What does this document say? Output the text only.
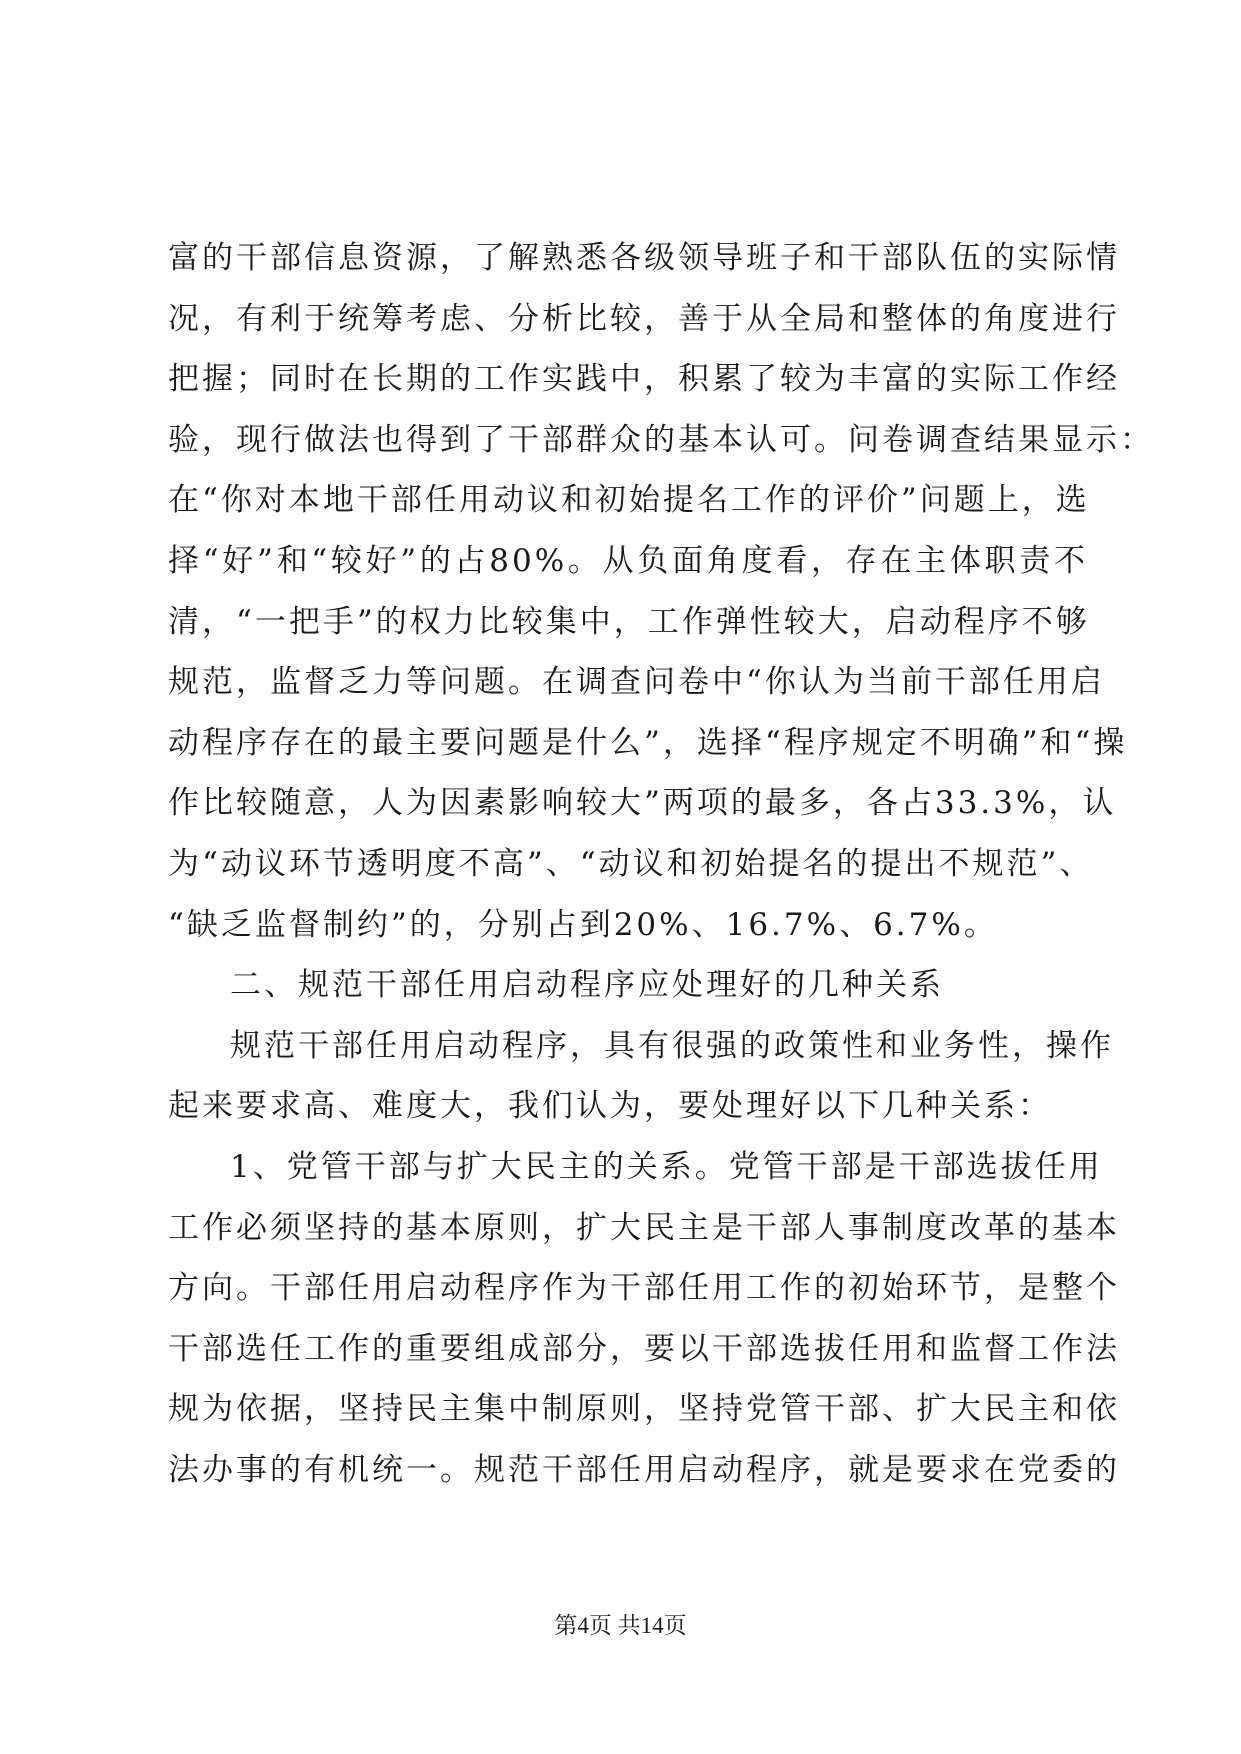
富的干部信息资源，了解熟悉各级领导班子和干部队伍的实际情
况，有利于统筹考虑、分析比较，善于从全局和整体的角度进行
把握；同时在长期的工作实践中，积累了较为丰富的实际工作经
验，现行做法也得到了干部群众的基本认可。问卷调查结果显示：
在“你对本地干部任用动议和初始提名工作的评价”问题上，选
择“好”和“较好”的占80%。从负面角度看，存在主体职责不
清，“一把手”的权力比较集中，工作弹性较大，启动程序不够
规范，监督乏力等问题。在调查问卷中“你认为当前干部任用启
动程序存在的最主要问题是什么”，选择“程序规定不明确”和“操
作比较随意，人为因素影响较大”两项的最多，各占33.3%，认
为“动议环节透明度不高”、“动议和初始提名的提出不规范”、
“缺乏监督制约”的，分别占到20%、16.7%、6.7%。
二、规范干部任用启动程序应处理好的几种关系
规范干部任用启动程序，具有很强的政策性和业务性，操作
起来要求高、难度大，我们认为，要处理好以下几种关系：
1、党管干部与扩大民主的关系。党管干部是干部选拔任用
工作必须坚持的基本原则，扩大民主是干部人事制度改革的基本
方向。干部任用启动程序作为干部任用工作的初始环节，是整个
干部选任工作的重要组成部分，要以干部选拔任用和监督工作法
规为依据，坚持民主集中制原则，坚持党管干部、扩大民主和依
法办事的有机统一。规范干部任用启动程序，就是要求在党委的
第4页 共14页
